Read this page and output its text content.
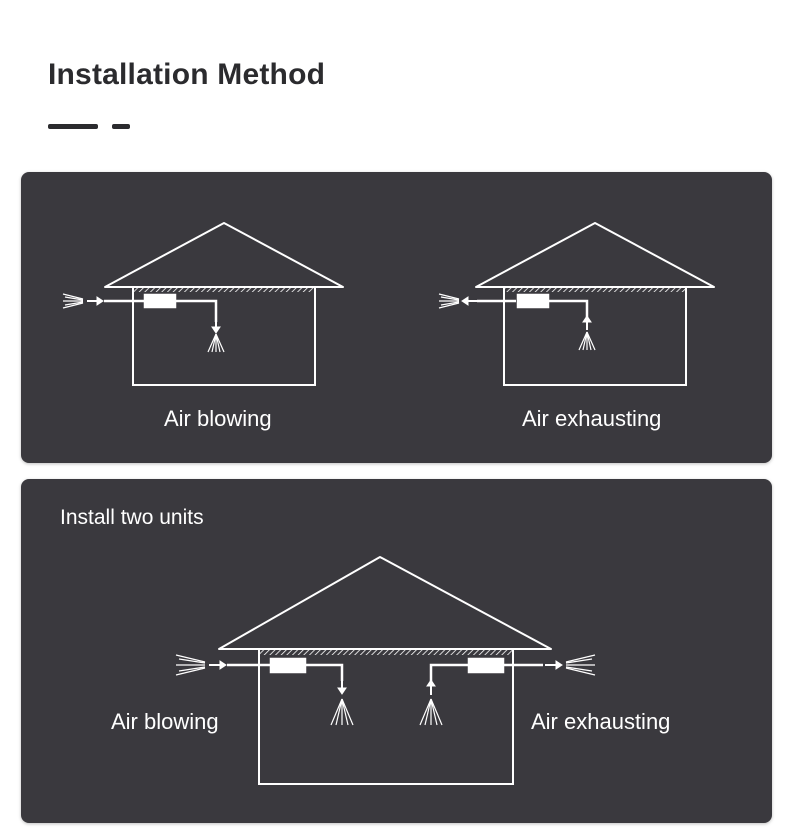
Installation Method
Air blowing	Air exhausting
Install two units
Air blowing	Air exhausting
